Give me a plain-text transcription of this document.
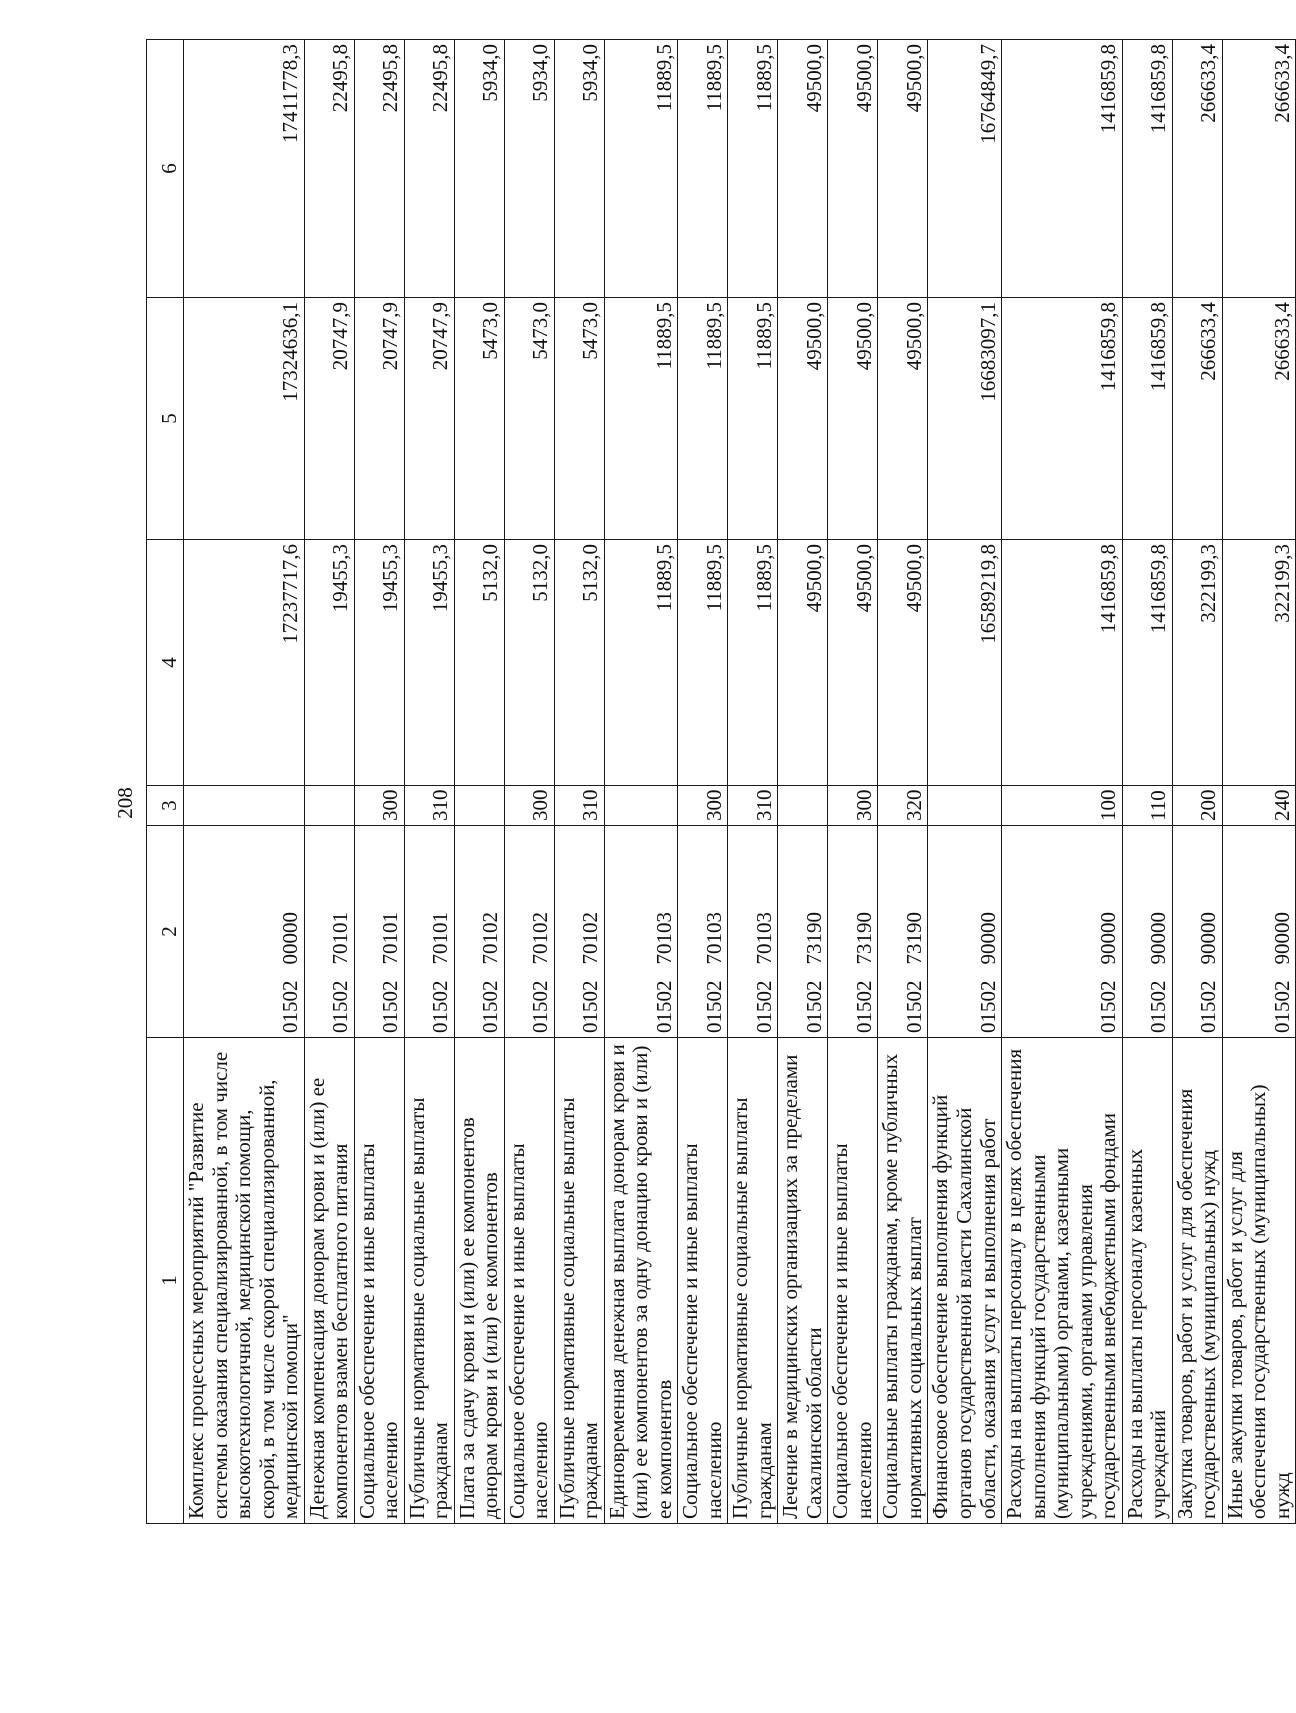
208
1	2	3	4	5	6
Комплекс процессных мероприятий "Развитие системы оказания специализированной, в том числе высокотехнологичной, медицинской помощи, скорой, в том числе скорой специализированной, медицинской помощи"	0150200000		17237717,6	17324636,1	17411778,3
Денежная компенсация донорам крови и (или) ее компонентов взамен бесплатного питания	0150270101		19455,3	20747,9	22495,8
Социальное обеспечение и иные выплаты населению	0150270101	300	19455,3	20747,9	22495,8
Публичные нормативные социальные выплаты гражданам	0150270101	310	19455,3	20747,9	22495,8
Плата за сдачу крови и (или) ее компонентов донорам крови и (или) ее компонентов	0150270102		5132,0	5473,0	5934,0
Социальное обеспечение и иные выплаты населению	0150270102	300	5132,0	5473,0	5934,0
Публичные нормативные социальные выплаты гражданам	0150270102	310	5132,0	5473,0	5934,0
Единовременная денежная выплата донорам крови и (или) ее компонентов за одну донацию крови и (или) ее компонентов	0150270103		11889,5	11889,5	11889,5
Социальное обеспечение и иные выплаты населению	0150270103	300	11889,5	11889,5	11889,5
Публичные нормативные социальные выплаты гражданам	0150270103	310	11889,5	11889,5	11889,5
Лечение в медицинских организациях за пределами Сахалинской области	0150273190		49500,0	49500,0	49500,0
Социальное обеспечение и иные выплаты населению	0150273190	300	49500,0	49500,0	49500,0
Социальные выплаты гражданам, кроме публичных нормативных социальных выплат	0150273190	320	49500,0	49500,0	49500,0
Финансовое обеспечение выполнения функций органов государственной власти Сахалинской области, оказания услуг и выполнения работ	0150290000		16589219,8	16683097,1	16764849,7
Расходы на выплаты персоналу в целях обеспечения выполнения функций государственными (муниципальными) органами, казенными учреждениями, органами управления государственными внебюджетными фондами	0150290000	100	1416859,8	1416859,8	1416859,8
Расходы на выплаты персоналу казенных учреждений	0150290000	110	1416859,8	1416859,8	1416859,8
Закупка товаров, работ и услуг для обеспечения государственных (муниципальных) нужд	0150290000	200	322199,3	266633,4	266633,4
Иные закупки товаров, работ и услуг для обеспечения государственных (муниципальных) нужд	0150290000	240	322199,3	266633,4	266633,4
